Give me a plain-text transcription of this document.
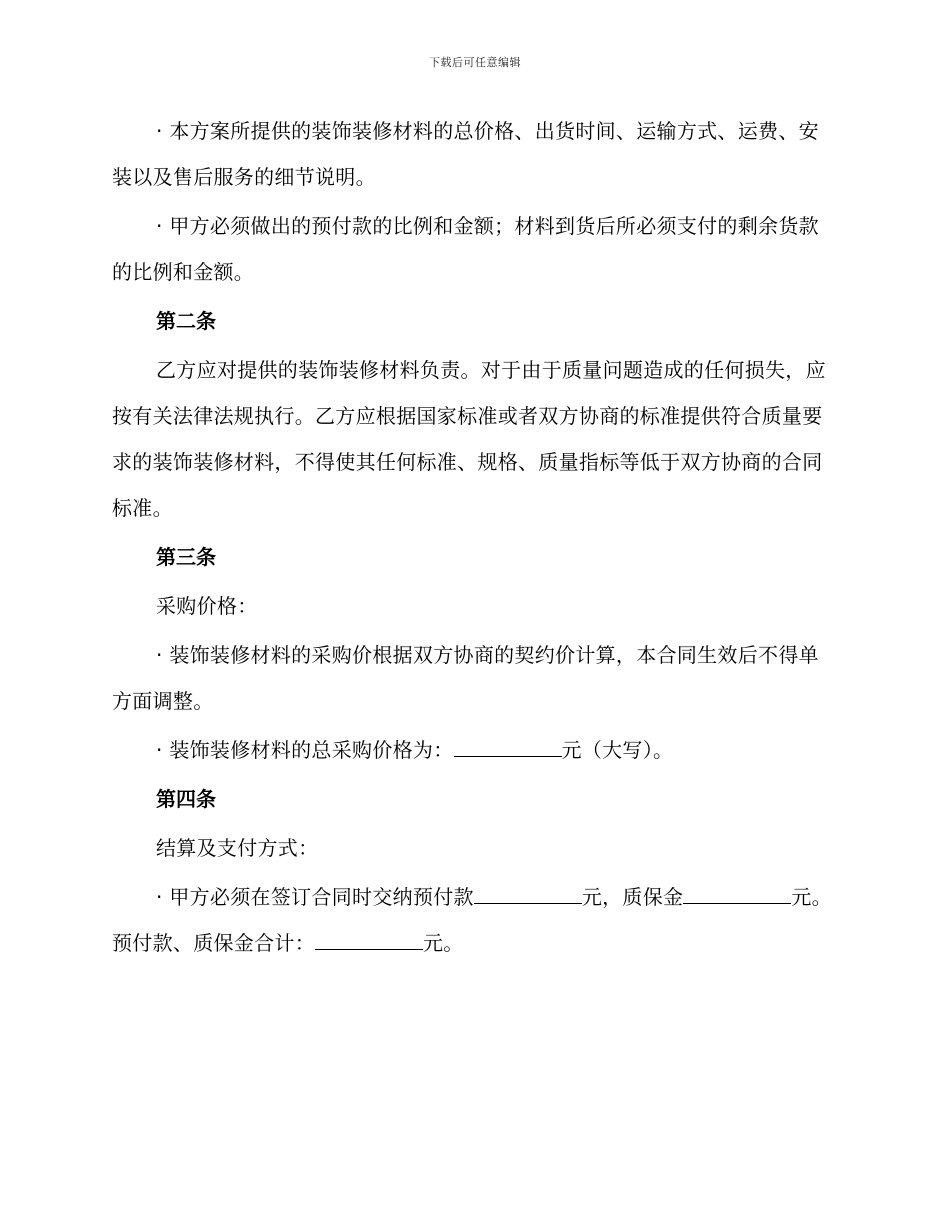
下载后可任意编辑

· 本方案所提供的装饰装修材料的总价格、出货时间、运输方式、运费、安装以及售后服务的细节说明。

· 甲方必须做出的预付款的比例和金额；材料到货后所必须支付的剩余货款的比例和金额。

第二条

乙方应对提供的装饰装修材料负责。对于由于质量问题造成的任何损失，应按有关法律法规执行。乙方应根据国家标准或者双方协商的标准提供符合质量要求的装饰装修材料，不得使其任何标准、规格、质量指标等低于双方协商的合同标准。

第三条

采购价格：

· 装饰装修材料的采购价根据双方协商的契约价计算，本合同生效后不得单方面调整。

· 装饰装修材料的总采购价格为：	元（大写）。

第四条

结算及支付方式：

· 甲方必须在签订合同时交纳预付款	元，质保金	元。预付款、质保金合计：	元。
